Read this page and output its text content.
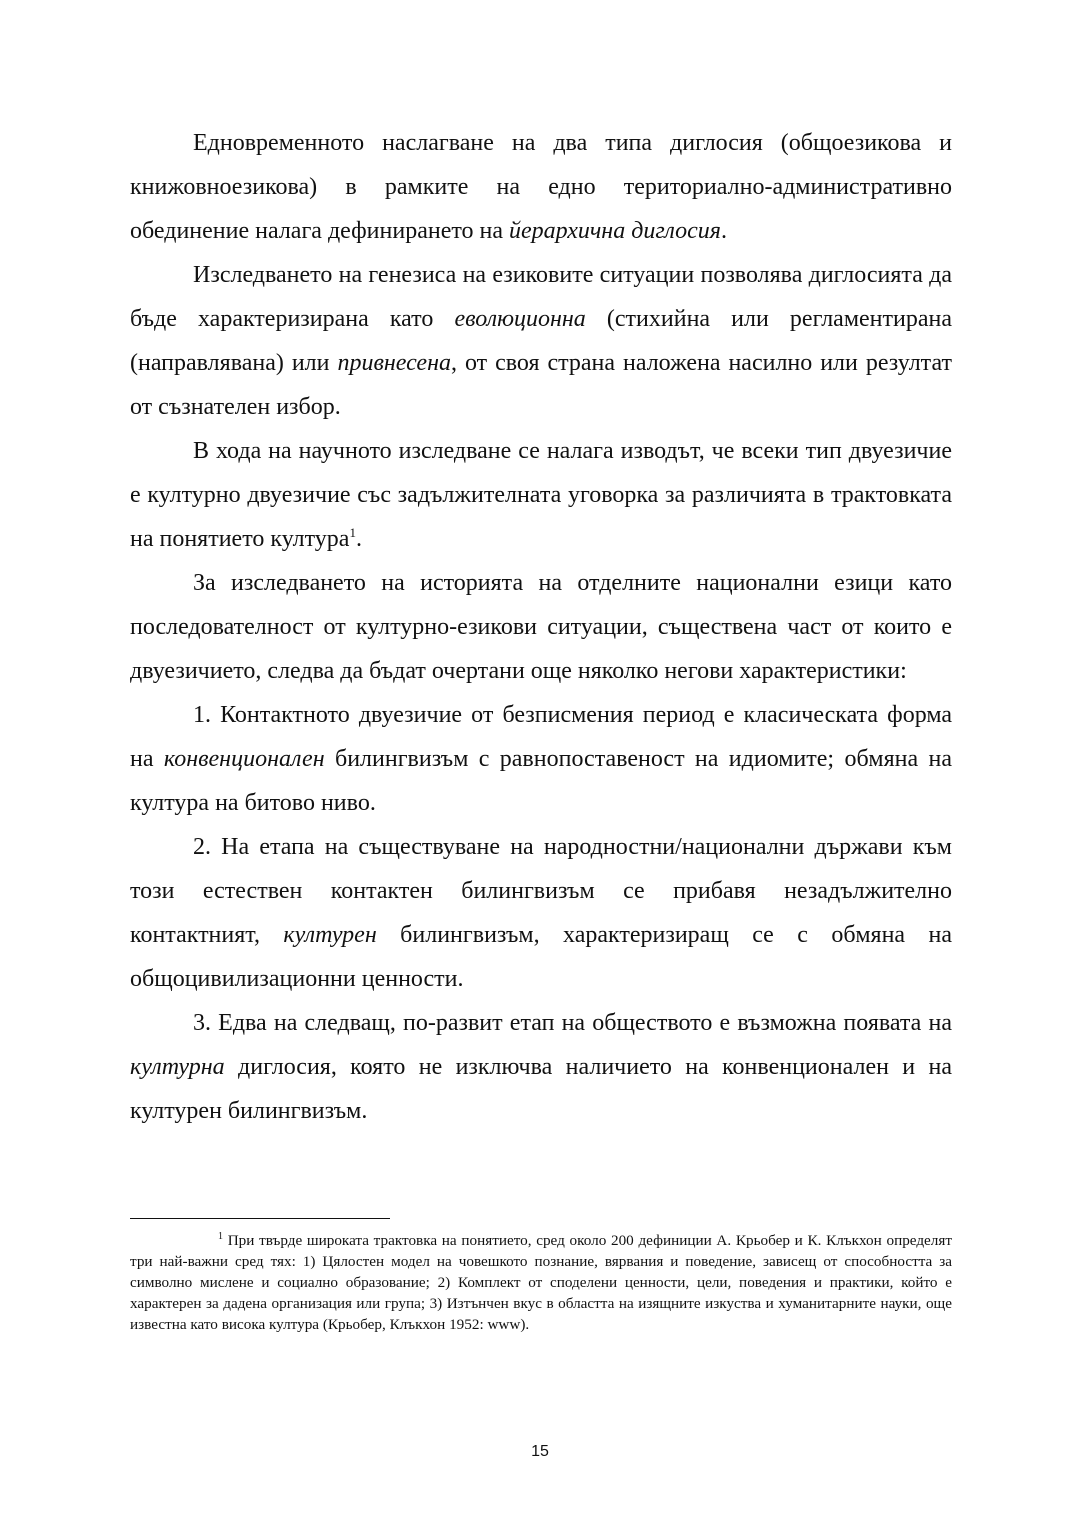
Едновременното наслагване на два типа диглосия (общоезикова и книжовноезикова) в рамките на едно териториално-административно обединение налага дефинирането на йерархична диглосия.

Изследването на генезиса на езиковите ситуации позволява диглосията да бъде характеризирана като еволюционна (стихийна или регламентирана (направлявана) или привнесена, от своя страна наложена насилно или резултат от съзнателен избор.

В хода на научното изследване се налага изводът, че всеки тип двуезичие е културно двуезичие със задължителната уговорка за различията в трактовката на понятието култура$^1$.

За изследването на историята на отделните национални езици като последователност от културно-езикови ситуации, съществена част от които е двуезичието, следва да бъдат очертани още няколко негови характеристики:

1. Контактното двуезичие от безписмения период е класическата форма на конвенционален билингвизъм с равнопоставеност на идиомите; обмяна на култура на битово ниво.

2. На етапа на съществуване на народностни/национални държави към този естествен контактен билингвизъм се прибавя незадължително контактният, културен билингвизъм, характеризиращ се с обмяна на общоцивилизационни ценности.

3. Едва на следващ, по-развит етап на обществото е възможна появата на културна диглосия, която не изключва наличието на конвенционален и на културен билингвизъм.

$^1$ При твърде широката трактовка на понятието, сред около 200 дефиниции А. Крьобер и К. Клъкхон определят три най-важни сред тях: 1) Цялостен модел на човешкото познание, вярвания и поведение, зависещ от способността за символно мислене и социално образование; 2) Комплект от споделени ценности, цели, поведения и практики, който е характерен за дадена организация или група; 3) Изтънчен вкус в областта на изящните изкуства и хуманитарните науки, още известна като висока култура (Крьобер, Клъкхон 1952: www).

15
